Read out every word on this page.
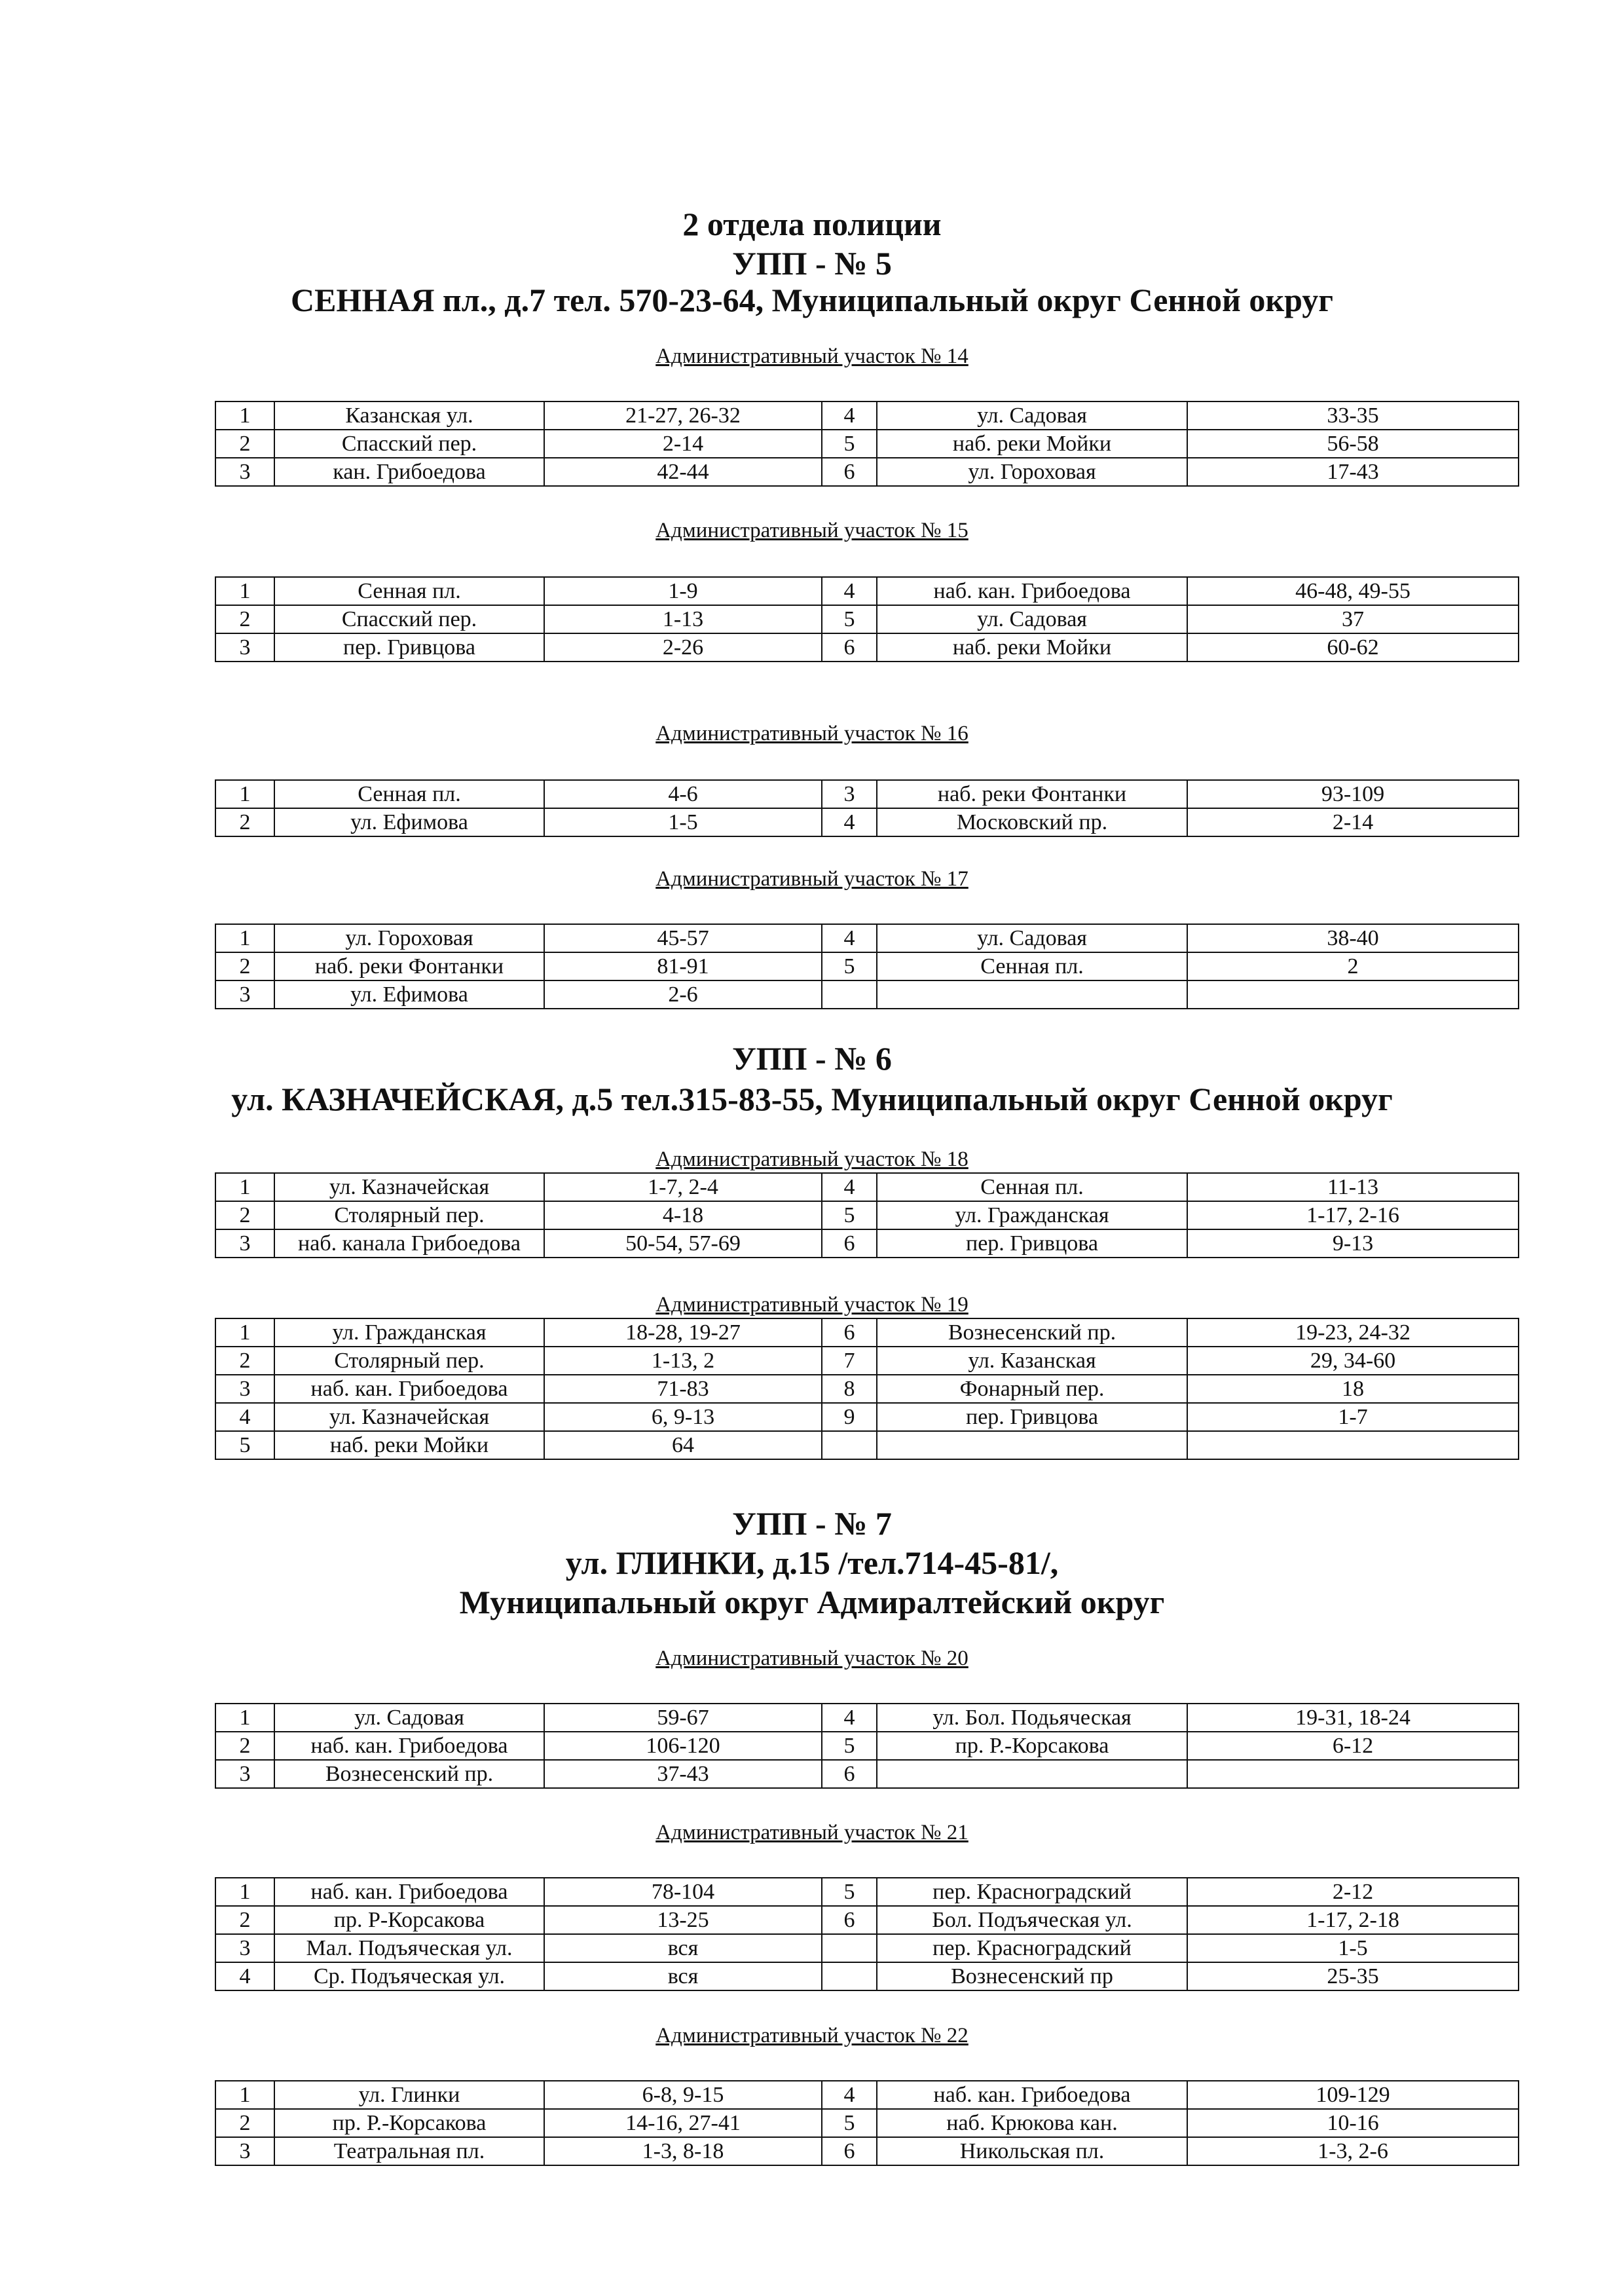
2 отдела полиции
УПП - № 5
СЕННАЯ пл., д.7 тел. 570-23-64, Муниципальный округ Сенной округ
Административный участок № 14
1	Казанская ул.	21-27, 26-32	4	ул. Садовая	33-35
2	Спасский пер.	2-14	5	наб. реки Мойки	56-58
3	кан. Грибоедова	42-44	6	ул. Гороховая	17-43
Административный участок № 15
1	Сенная пл.	1-9	4	наб. кан. Грибоедова	46-48, 49-55
2	Спасский пер.	1-13	5	ул. Садовая	37
3	пер. Гривцова	2-26	6	наб. реки Мойки	60-62
Административный участок № 16
1	Сенная пл.	4-6	3	наб. реки Фонтанки	93-109
2	ул. Ефимова	1-5	4	Московский пр.	2-14
Административный участок № 17
1	ул. Гороховая	45-57	4	ул. Садовая	38-40
2	наб. реки Фонтанки	81-91	5	Сенная пл.	2
3	ул. Ефимова	2-6			
УПП - № 6
ул. КАЗНАЧЕЙСКАЯ, д.5 тел.315-83-55, Муниципальный округ Сенной округ
Административный участок № 18
1	ул. Казначейская	1-7, 2-4	4	Сенная пл.	11-13
2	Столярный пер.	4-18	5	ул. Гражданская	1-17, 2-16
3	наб. канала Грибоедова	50-54, 57-69	6	пер. Гривцова	9-13
Административный участок № 19
1	ул. Гражданская	18-28, 19-27	6	Вознесенский пр.	19-23, 24-32
2	Столярный пер.	1-13, 2	7	ул. Казанская	29, 34-60
3	наб. кан. Грибоедова	71-83	8	Фонарный пер.	18
4	ул. Казначейская	6, 9-13	9	пер. Гривцова	1-7
5	наб. реки Мойки	64			
УПП - № 7
ул. ГЛИНКИ, д.15 /тел.714-45-81/,
Муниципальный округ Адмиралтейский округ
Административный участок № 20
1	ул. Садовая	59-67	4	ул. Бол. Подьяческая	19-31, 18-24
2	наб. кан. Грибоедова	106-120	5	пр. Р.-Корсакова	6-12
3	Вознесенский пр.	37-43	6		
Административный участок № 21
1	наб. кан. Грибоедова	78-104	5	пер. Красноградский	2-12
2	пр. Р-Корсакова	13-25	6	Бол. Подъяческая ул.	1-17, 2-18
3	Мал. Подъяческая ул.	вся		пер. Красноградский	1-5
4	Ср. Подъяческая ул.	вся		Вознесенский пр	25-35
Административный участок № 22
1	ул. Глинки	6-8, 9-15	4	наб. кан. Грибоедова	109-129
2	пр. Р.-Корсакова	14-16, 27-41	5	наб. Крюкова кан.	10-16
3	Театральная пл.	1-3, 8-18	6	Никольская пл.	1-3, 2-6
